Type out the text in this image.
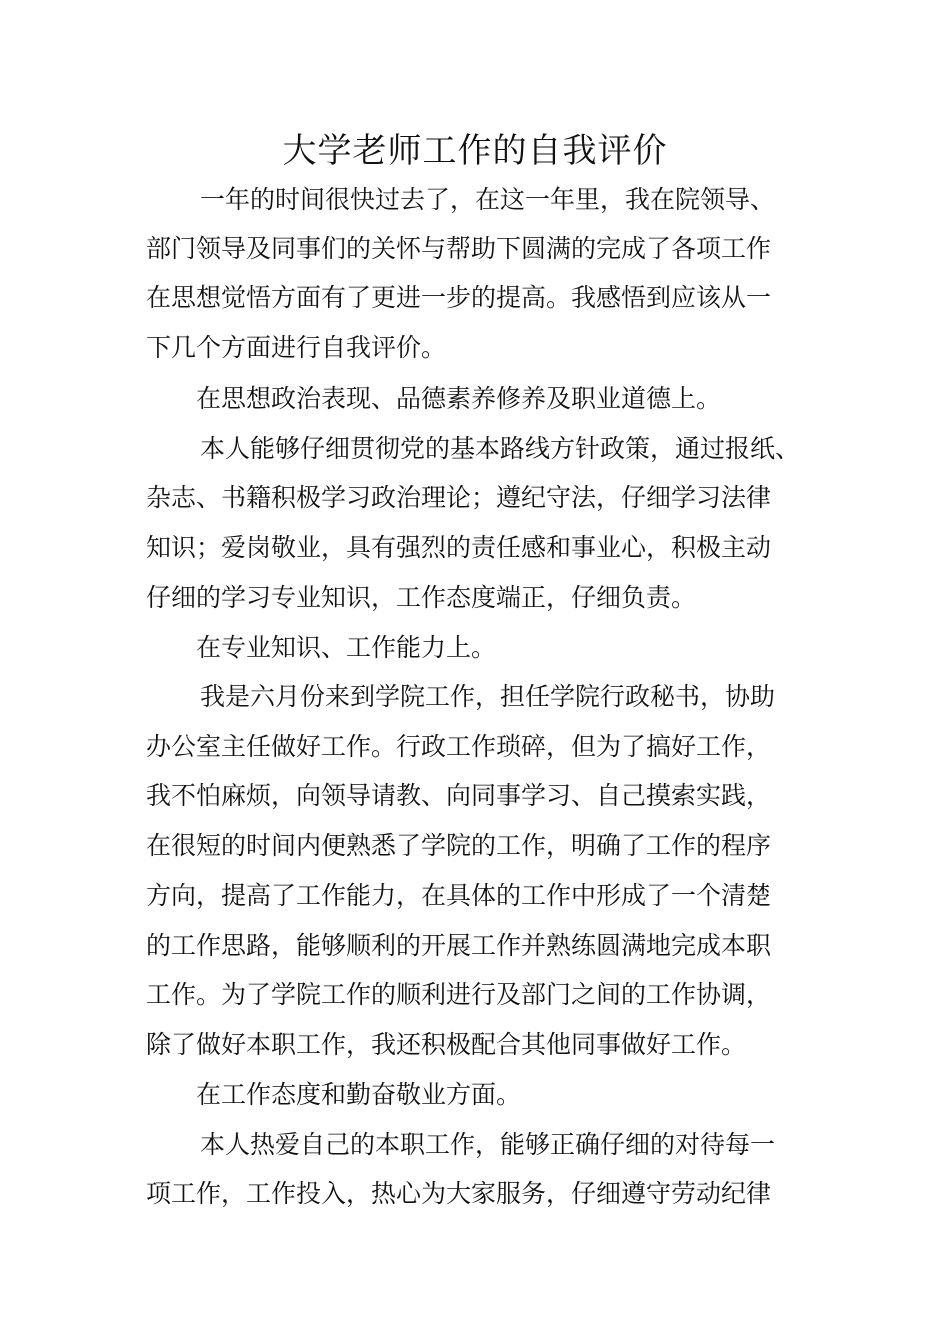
大学老师工作的自我评价

一年的时间很快过去了，在这一年里，我在院领导、

部门领导及同事们的关怀与帮助下圆满的完成了各项工作

在思想觉悟方面有了更进一步的提高。我感悟到应该从一

下几个方面进行自我评价。

在思想政治表现、品德素养修养及职业道德上。

本人能够仔细贯彻党的基本路线方针政策，通过报纸、

杂志、书籍积极学习政治理论；遵纪守法，仔细学习法律

知识；爱岗敬业，具有强烈的责任感和事业心，积极主动

仔细的学习专业知识，工作态度端正，仔细负责。

在专业知识、工作能力上。

我是六月份来到学院工作，担任学院行政秘书，协助

办公室主任做好工作。行政工作琐碎，但为了搞好工作，

我不怕麻烦，向领导请教、向同事学习、自己摸索实践，

在很短的时间内便熟悉了学院的工作，明确了工作的程序

方向，提高了工作能力，在具体的工作中形成了一个清楚

的工作思路，能够顺利的开展工作并熟练圆满地完成本职

工作。为了学院工作的顺利进行及部门之间的工作协调，

除了做好本职工作，我还积极配合其他同事做好工作。

在工作态度和勤奋敬业方面。

本人热爱自己的本职工作，能够正确仔细的对待每一

项工作，工作投入，热心为大家服务，仔细遵守劳动纪律
